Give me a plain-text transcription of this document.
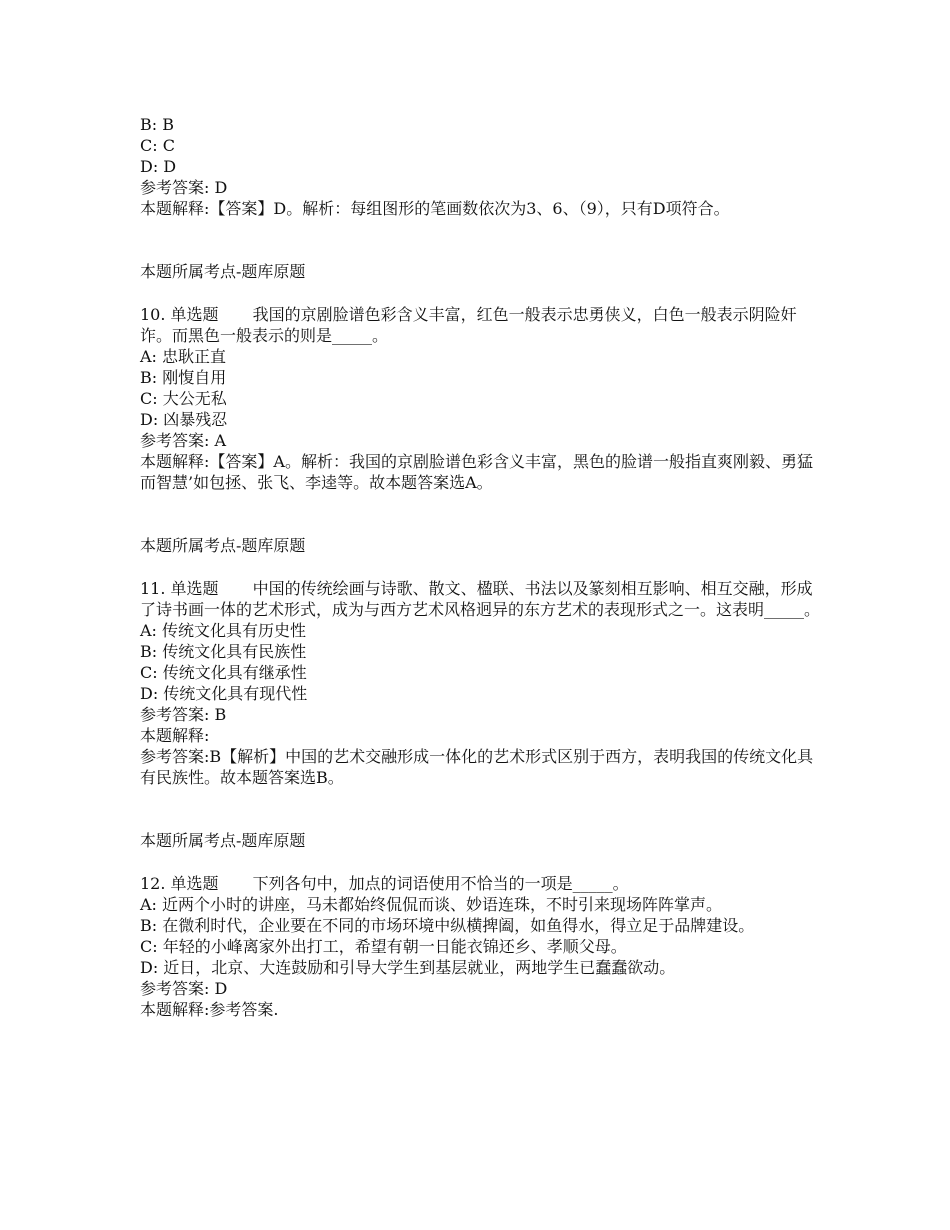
B: B
C: C
D: D
参考答案: D
本题解释:【答案】D。解析：每组图形的笔画数依次为3、6、（9），只有D项符合。
本题所属考点-题库原题
10. 单选题 我国的京剧脸谱色彩含义丰富，红色一般表示忠勇侠义，白色一般表示阴险奸诈。而黑色一般表示的则是_____。
A: 忠耿正直
B: 刚愎自用
C: 大公无私
D: 凶暴残忍
参考答案: A
本题解释:【答案】A。解析：我国的京剧脸谱色彩含义丰富，黑色的脸谱一般指直爽刚毅、勇猛而智慧’如包拯、张飞、李逵等。故本题答案选A。
本题所属考点-题库原题
11. 单选题 中国的传统绘画与诗歌、散文、楹联、书法以及篆刻相互影响、相互交融，形成了诗书画一体的艺术形式，成为与西方艺术风格迥异的东方艺术的表现形式之一。这表明_____。
A: 传统文化具有历史性
B: 传统文化具有民族性
C: 传统文化具有继承性
D: 传统文化具有现代性
参考答案: B
本题解释:
参考答案:B【解析】中国的艺术交融形成一体化的艺术形式区别于西方，表明我国的传统文化具有民族性。故本题答案选B。
本题所属考点-题库原题
12. 单选题 下列各句中，加点的词语使用不恰当的一项是_____。
A: 近两个小时的讲座，马未都始终侃侃而谈、妙语连珠，不时引来现场阵阵掌声。
B: 在微利时代，企业要在不同的市场环境中纵横捭阖，如鱼得水，得立足于品牌建设。
C: 年轻的小峰离家外出打工，希望有朝一日能衣锦还乡、孝顺父母。
D: 近日，北京、大连鼓励和引导大学生到基层就业，两地学生已蠢蠢欲动。
参考答案: D
本题解释:参考答案.
